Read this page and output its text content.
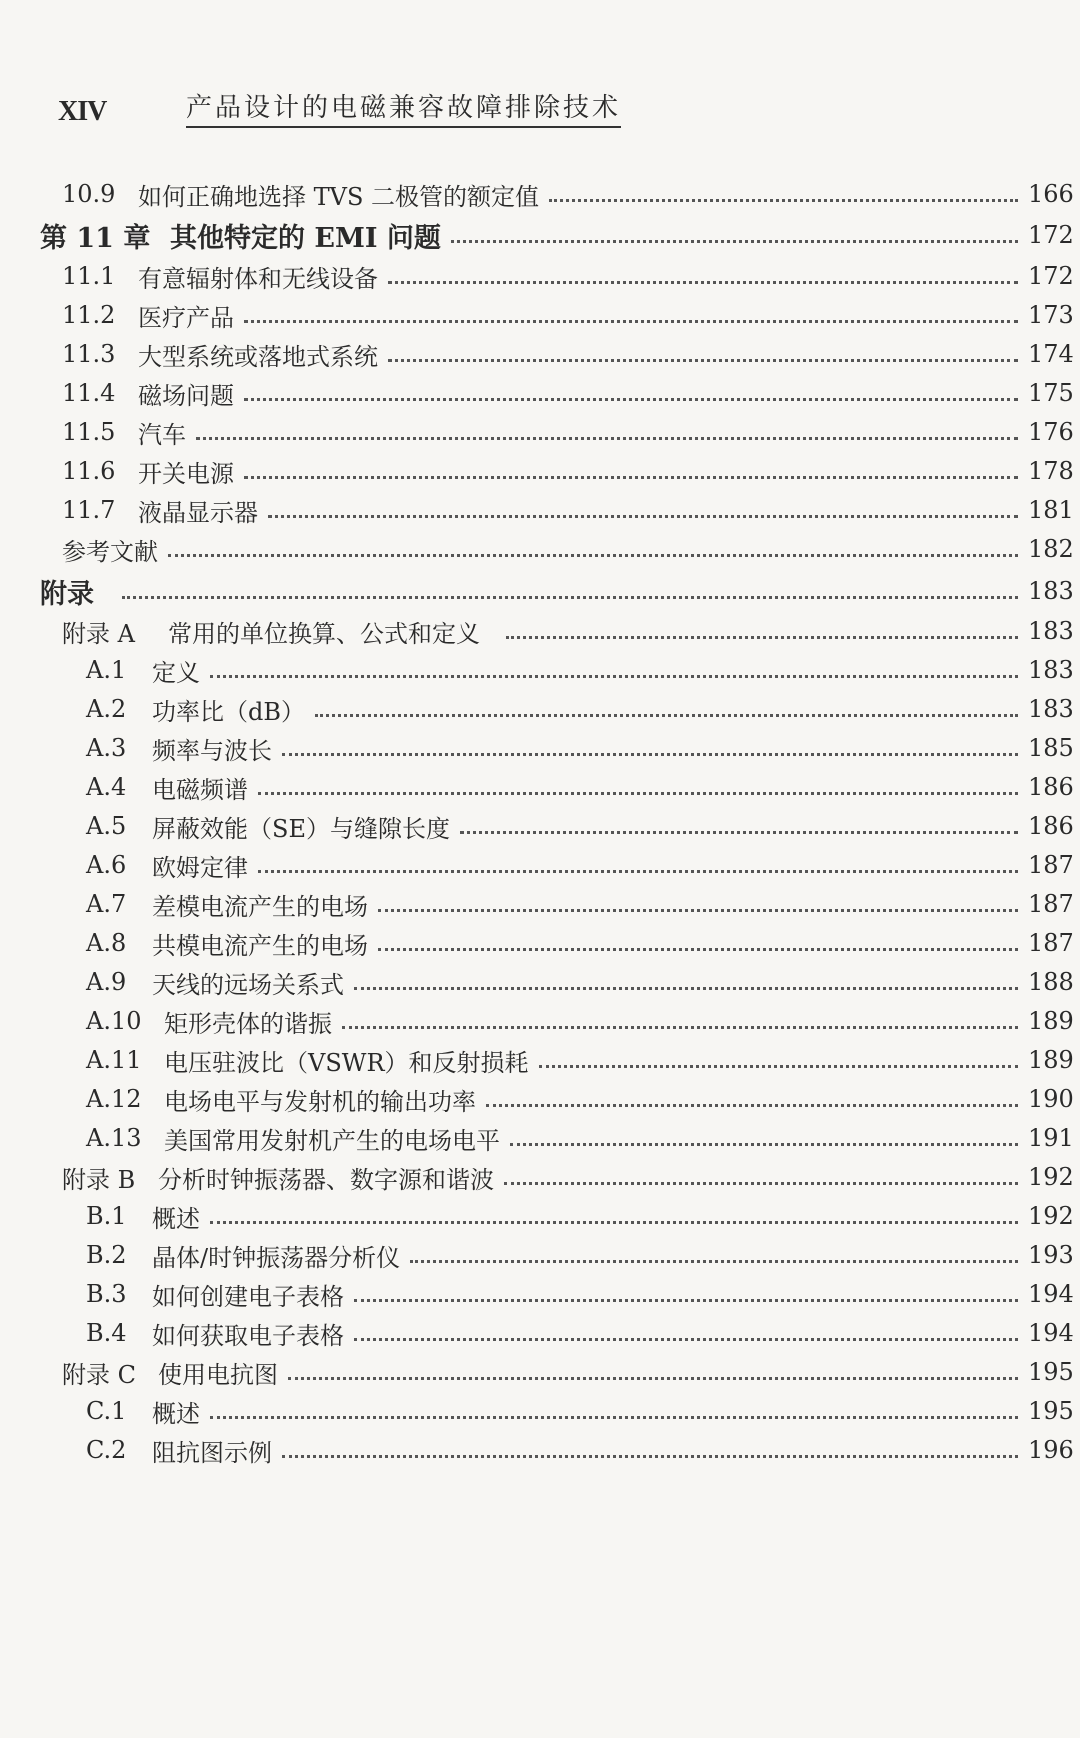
XIV	产品设计的电磁兼容故障排除技术
10.9 如何正确地选择 TVS 二极管的额定值	166
第 11 章 其他特定的 EMI 问题	172
11.1 有意辐射体和无线设备	172
11.2 医疗产品	173
11.3 大型系统或落地式系统	174
11.4 磁场问题	175
11.5 汽车	176
11.6 开关电源	178
11.7 液晶显示器	181
参考文献	182
附录	183
附录 A	常用的单位换算、公式和定义	183
A.1	定义	183
A.2	功率比（dB）	183
A.3	频率与波长	185
A.4	电磁频谱	186
A.5	屏蔽效能（SE）与缝隙长度	186
A.6	欧姆定律	187
A.7	差模电流产生的电场	187
A.8	共模电流产生的电场	187
A.9	天线的远场关系式	188
A.10 矩形壳体的谐振	189
A.11 电压驻波比（VSWR）和反射损耗	189
A.12 电场电平与发射机的输出功率	190
A.13 美国常用发射机产生的电场电平	191
附录 B 分析时钟振荡器、数字源和谐波	192
B.1	概述	192
B.2	晶体/时钟振荡器分析仪	193
B.3	如何创建电子表格	194
B.4	如何获取电子表格	194
附录 C 使用电抗图	195
C.1	概述	195
C.2	阻抗图示例	196
